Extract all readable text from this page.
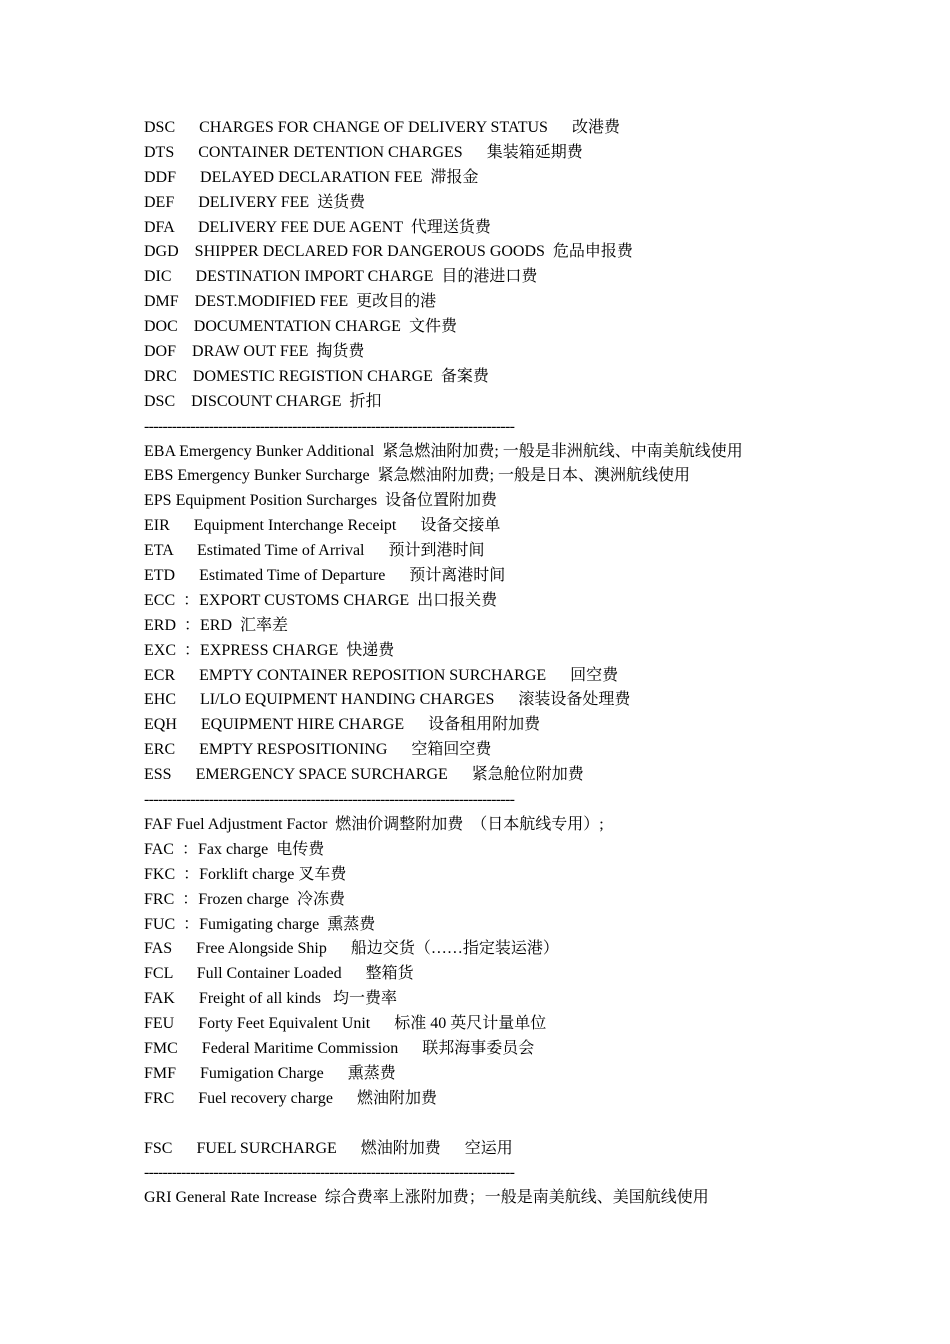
DSC      CHARGES FOR CHANGE OF DELIVERY STATUS      改港费
DTS      CONTAINER DETENTION CHARGES      集装箱延期费
DDF      DELAYED DECLARATION FEE  滞报金
DEF      DELIVERY FEE  送货费
DFA      DELIVERY FEE DUE AGENT  代理送货费
DGD    SHIPPER DECLARED FOR DANGEROUS GOODS  危品申报费
DIC      DESTINATION IMPORT CHARGE  目的港进口费
DMF    DEST.MODIFIED FEE  更改目的港
DOC    DOCUMENTATION CHARGE  文件费
DOF    DRAW OUT FEE  掏货费
DRC    DOMESTIC REGISTION CHARGE  备案费
DSC    DISCOUNT CHARGE  折扣
--------------------------------------------------------------------------------
EBA Emergency Bunker Additional  紧急燃油附加费; 一般是非洲航线、中南美航线使用
EBS Emergency Bunker Surcharge  紧急燃油附加费; 一般是日本、澳洲航线使用
EPS Equipment Position Surcharges  设备位置附加费
EIR      Equipment Interchange Receipt      设备交接单
ETA      Estimated Time of Arrival      预计到港时间
ETD      Estimated Time of Departure      预计离港时间
ECC  ：EXPORT CUSTOMS CHARGE  出口报关费
ERD  ：ERD  汇率差
EXC  ：EXPRESS CHARGE  快递费
ECR      EMPTY CONTAINER REPOSITION SURCHARGE      回空费
EHC      LI/LO EQUIPMENT HANDING CHARGES      滚装设备处理费
EQH      EQUIPMENT HIRE CHARGE      设备租用附加费
ERC      EMPTY RESPOSITIONING      空箱回空费
ESS      EMERGENCY SPACE SURCHARGE      紧急舱位附加费
--------------------------------------------------------------------------------
FAF Fuel Adjustment Factor  燃油价调整附加费  （日本航线专用）;
FAC  ：Fax charge  电传费
FKC  ：Forklift charge 叉车费
FRC  ：Frozen charge  冷冻费
FUC  ：Fumigating charge  熏蒸费
FAS      Free Alongside Ship      船边交货（……指定装运港）
FCL      Full Container Loaded      整箱货
FAK      Freight of all kinds   均一费率
FEU      Forty Feet Equivalent Unit      标准 40 英尺计量单位
FMC      Federal Maritime Commission      联邦海事委员会
FMF      Fumigation Charge      熏蒸费
FRC      Fuel recovery charge      燃油附加费
FSC      FUEL SURCHARGE      燃油附加费      空运用
--------------------------------------------------------------------------------
GRI General Rate Increase  综合费率上涨附加费；一般是南美航线、美国航线使用
